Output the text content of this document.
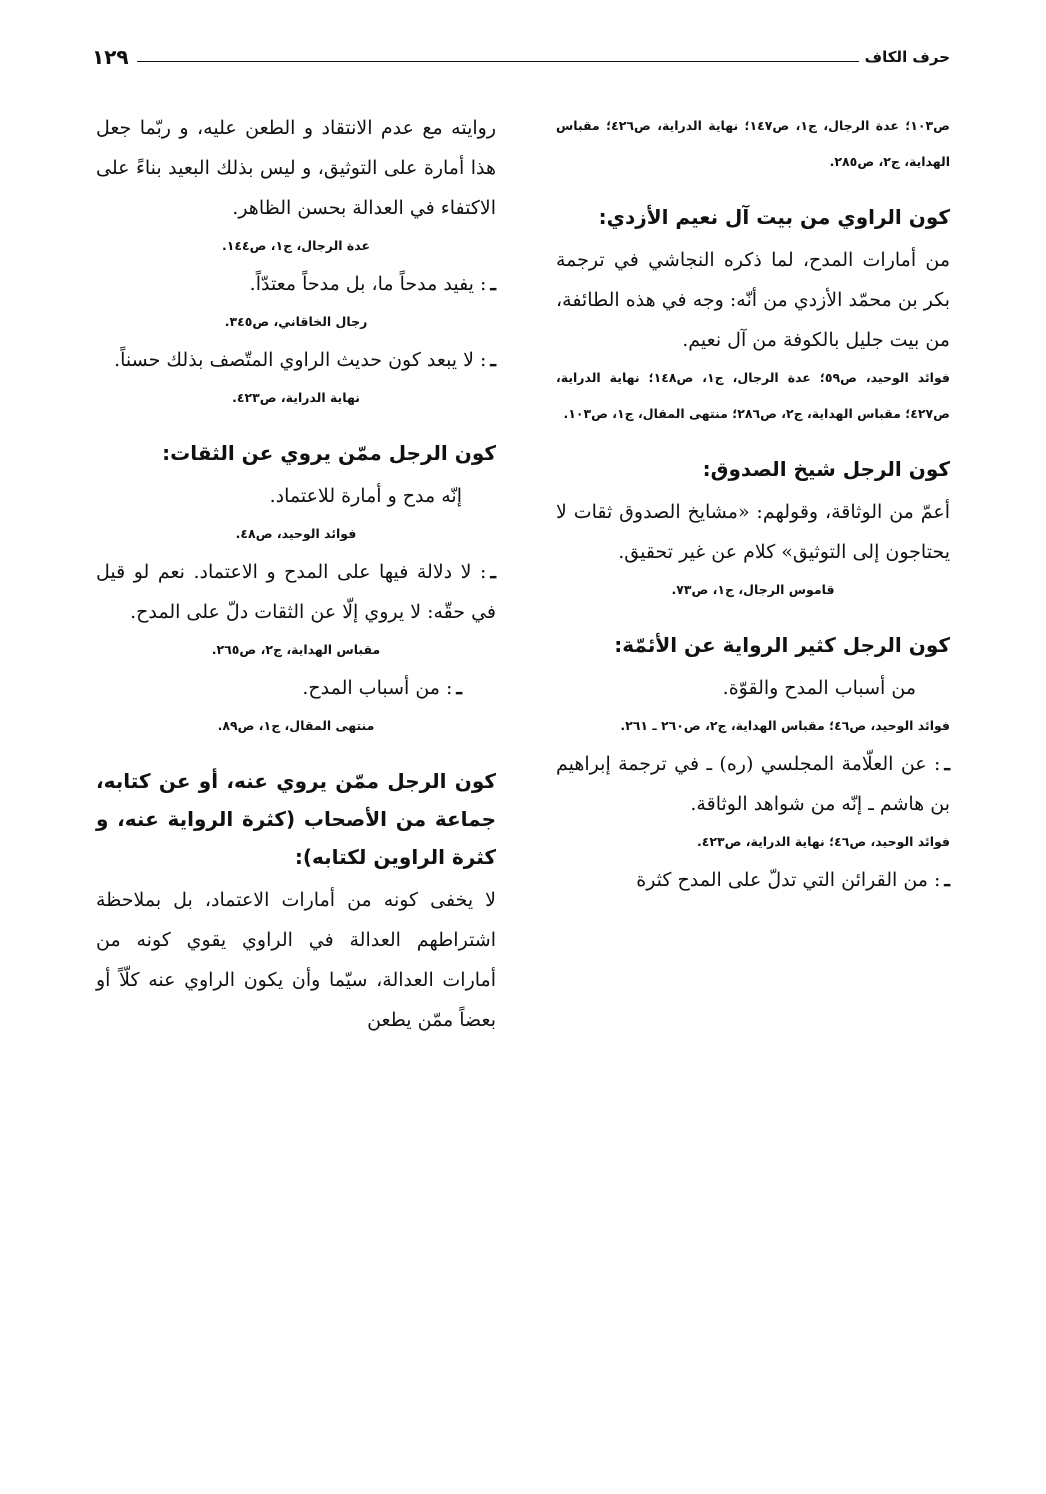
حرف الكاف
١٢٩

ص١٠٣؛ عدة الرجال، ج١، ص١٤٧؛ نهاية الدراية، ص٤٢٦؛ مقباس الهداية، ج٢، ص٢٨٥.

كون الراوي من بيت آل نعيم الأزدي:

من أمارات المدح، لما ذكره النجاشي في ترجمة بكر بن محمّد الأزدي من أنّه: وجه في هذه الطائفة، من بيت جليل بالكوفة من آل نعيم.

فوائد الوحيد، ص٥٩؛ عدة الرجال، ج١، ص١٤٨؛ نهاية الدراية، ص٤٢٧؛ مقباس الهداية، ج٢، ص٢٨٦؛ منتهى المقال، ج١، ص١٠٣.

كون الرجل شيخ الصدوق:

أعمّ من الوثاقة، وقولهم: «مشايخ الصدوق ثقات لا يحتاجون إلى التوثيق» كلام عن غير تحقيق.

قاموس الرجال، ج١، ص٧٣.

كون الرجل كثير الرواية عن الأئمّة:

من أسباب المدح والقوّة.

فوائد الوحيد، ص٤٦؛ مقباس الهداية، ج٢، ص٢٦٠ ـ ٢٦١.

ـ: عن العلّامة المجلسي (ره) ـ في ترجمة إبراهيم بن هاشم ـ إنّه من شواهد الوثاقة.

فوائد الوحيد، ص٤٦؛ نهاية الدراية، ص٤٢٣.

ـ: من القرائن التي تدلّ على المدح كثرة

روايته مع عدم الانتقاد و الطعن عليه، و ربّما جعل هذا أمارة على التوثيق، و ليس بذلك البعيد بناءً على الاكتفاء في العدالة بحسن الظاهر.

عدة الرجال، ج١، ص١٤٤.

ـ: يفيد مدحاً ما، بل مدحاً معتدّاً.

رجال الخاقاني، ص٣٤٥.

ـ: لا يبعد كون حديث الراوي المتّصف بذلك حسناً.

نهاية الدراية، ص٤٢٣.

كون الرجل ممّن يروي عن الثقات:

إنّه مدح و أمارة للاعتماد.

فوائد الوحيد، ص٤٨.

ـ: لا دلالة فيها على المدح و الاعتماد. نعم لو قيل في حقّه: لا يروي إلّا عن الثقات دلّ على المدح.

مقباس الهداية، ج٢، ص٢٦٥.

ـ: من أسباب المدح.

منتهى المقال، ج١، ص٨٩.

كون الرجل ممّن يروي عنه، أو عن كتابه، جماعة من الأصحاب (كثرة الرواية عنه، و كثرة الراوين لكتابه):

لا يخفى كونه من أمارات الاعتماد، بل بملاحظة اشتراطهم العدالة في الراوي يقوي كونه من أمارات العدالة، سيّما وأن يكون الراوي عنه كلّاً أو بعضاً ممّن يطعن
